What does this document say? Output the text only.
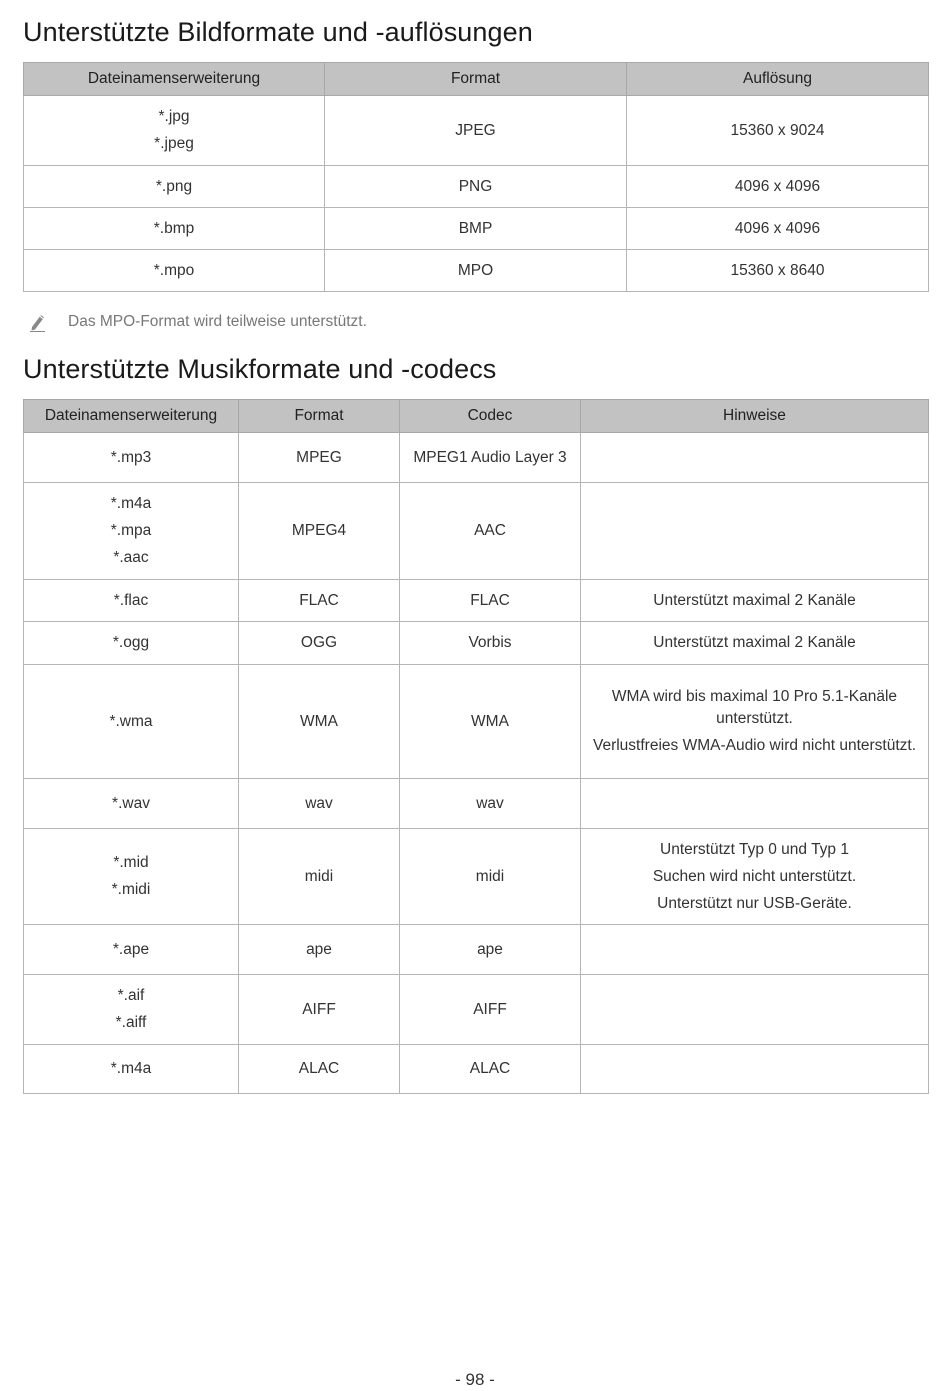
Unterstützte Bildformate und -auflösungen
Dateinamenserweiterung	Format	Auflösung

*.jpg
*.jpeg	JPEG	15360 x 9024

*.png	PNG	4096 x 4096

*.bmp	BMP	4096 x 4096

*.mpo	MPO	15360 x 8640
Das MPO-Format wird teilweise unterstützt.
Unterstützte Musikformate und -codecs
Dateinamenserweiterung	Format	Codec	Hinweise

*.mp3	MPEG	MPEG1 Audio Layer 3	

*.m4a
*.mpa
*.aac	MPEG4	AAC	

*.flac	FLAC	FLAC	Unterstützt maximal 2 Kanäle

*.ogg	OGG	Vorbis	Unterstützt maximal 2 Kanäle

*.wma	WMA	WMA	WMA wird bis maximal 10 Pro 5.1-Kanäle unterstützt.
Verlustfreies WMA-Audio wird nicht unterstützt.

*.wav	wav	wav	

*.mid
*.midi	midi	midi	Unterstützt Typ 0 und Typ 1
Suchen wird nicht unterstützt.
Unterstützt nur USB-Geräte.

*.ape	ape	ape	

*.aif
*.aiff	AIFF	AIFF	

*.m4a	ALAC	ALAC	

- 98 -
